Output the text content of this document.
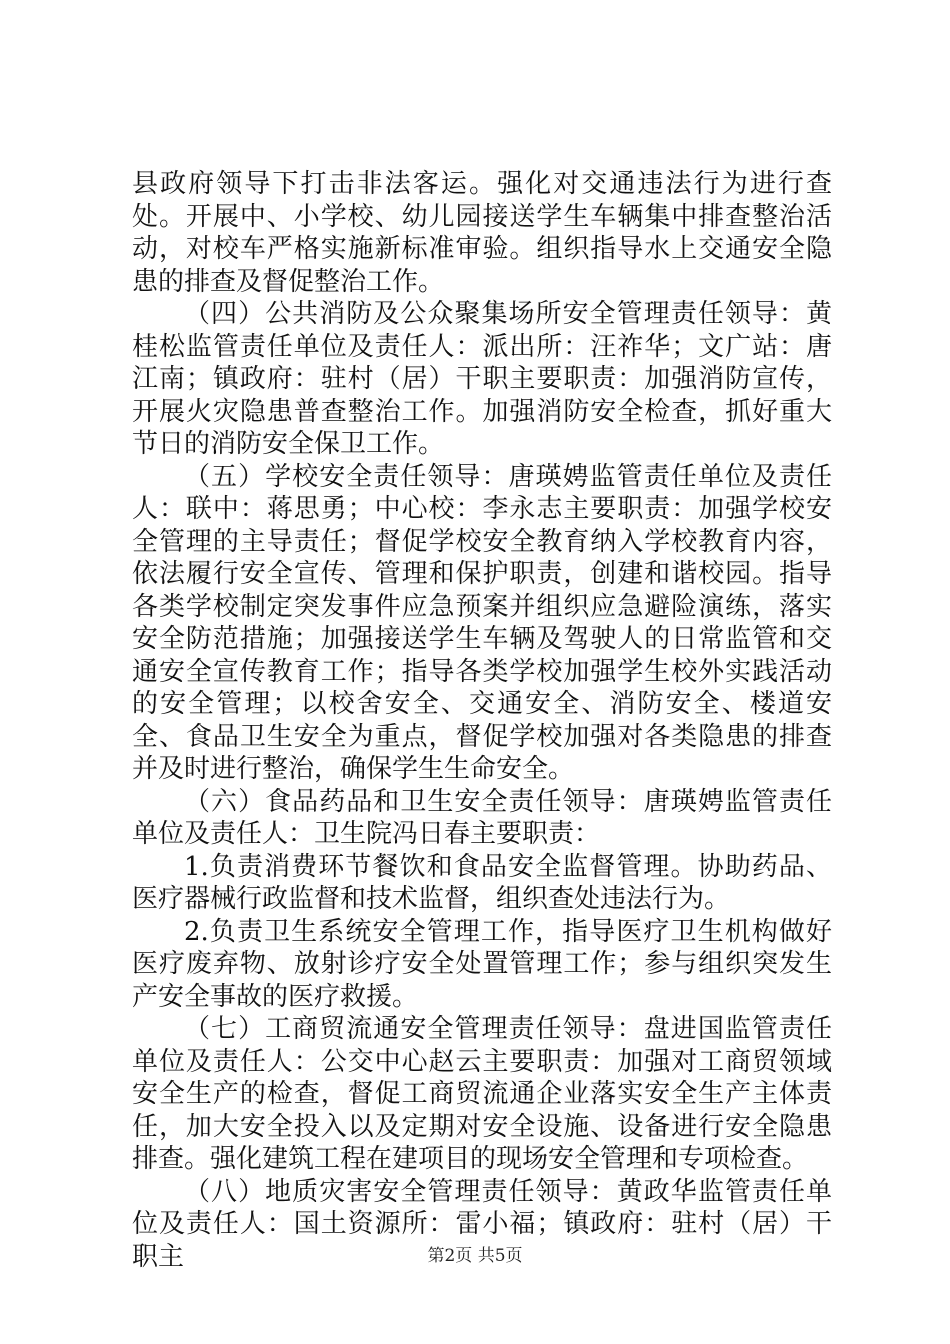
县政府领导下打击非法客运。强化对交通违法行为进行查处。开展中、小学校、幼儿园接送学生车辆集中排查整治活动，对校车严格实施新标准审验。组织指导水上交通安全隐患的排查及督促整治工作。

（四）公共消防及公众聚集场所安全管理责任领导：黄桂松监管责任单位及责任人：派出所：汪祚华；文广站：唐江南；镇政府：驻村（居）干职主要职责：加强消防宣传，开展火灾隐患普查整治工作。加强消防安全检查，抓好重大节日的消防安全保卫工作。

（五）学校安全责任领导：唐瑛娉监管责任单位及责任人：联中：蒋思勇；中心校：李永志主要职责：加强学校安全管理的主导责任；督促学校安全教育纳入学校教育内容，依法履行安全宣传、管理和保护职责，创建和谐校园。指导各类学校制定突发事件应急预案并组织应急避险演练，落实安全防范措施；加强接送学生车辆及驾驶人的日常监管和交通安全宣传教育工作；指导各类学校加强学生校外实践活动的安全管理；以校舍安全、交通安全、消防安全、楼道安全、食品卫生安全为重点，督促学校加强对各类隐患的排查并及时进行整治，确保学生生命安全。

（六）食品药品和卫生安全责任领导：唐瑛娉监管责任单位及责任人：卫生院冯日春主要职责：

1.负责消费环节餐饮和食品安全监督管理。协助药品、医疗器械行政监督和技术监督，组织查处违法行为。

2.负责卫生系统安全管理工作，指导医疗卫生机构做好医疗废弃物、放射诊疗安全处置管理工作；参与组织突发生产安全事故的医疗救援。

（七）工商贸流通安全管理责任领导：盘进国监管责任单位及责任人：公交中心赵云主要职责：加强对工商贸领域安全生产的检查，督促工商贸流通企业落实安全生产主体责任，加大安全投入以及定期对安全设施、设备进行安全隐患排查。强化建筑工程在建项目的现场安全管理和专项检查。

（八）地质灾害安全管理责任领导：黄政华监管责任单位及责任人：国土资源所：雷小福；镇政府：驻村（居）干职主	第2页 共5页
